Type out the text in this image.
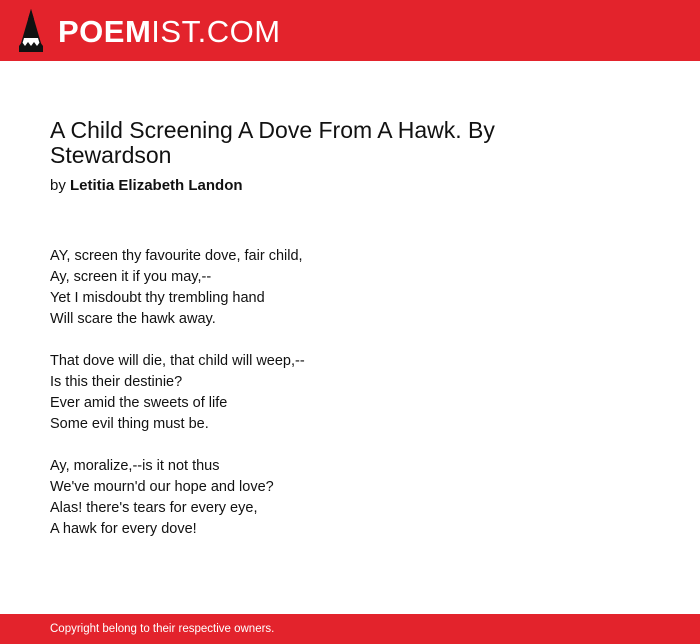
POEMIST.COM
A Child Screening A Dove From A Hawk. By Stewardson
by Letitia Elizabeth Landon
AY, screen thy favourite dove, fair child,
Ay, screen it if you may,--
Yet I misdoubt thy trembling hand
Will scare the hawk away.
That dove will die, that child will weep,--
Is this their destinie?
Ever amid the sweets of life
Some evil thing must be.
Ay, moralize,--is it not thus
We've mourn'd our hope and love?
Alas! there's tears for every eye,
A hawk for every dove!
Copyright belong to their respective owners.
